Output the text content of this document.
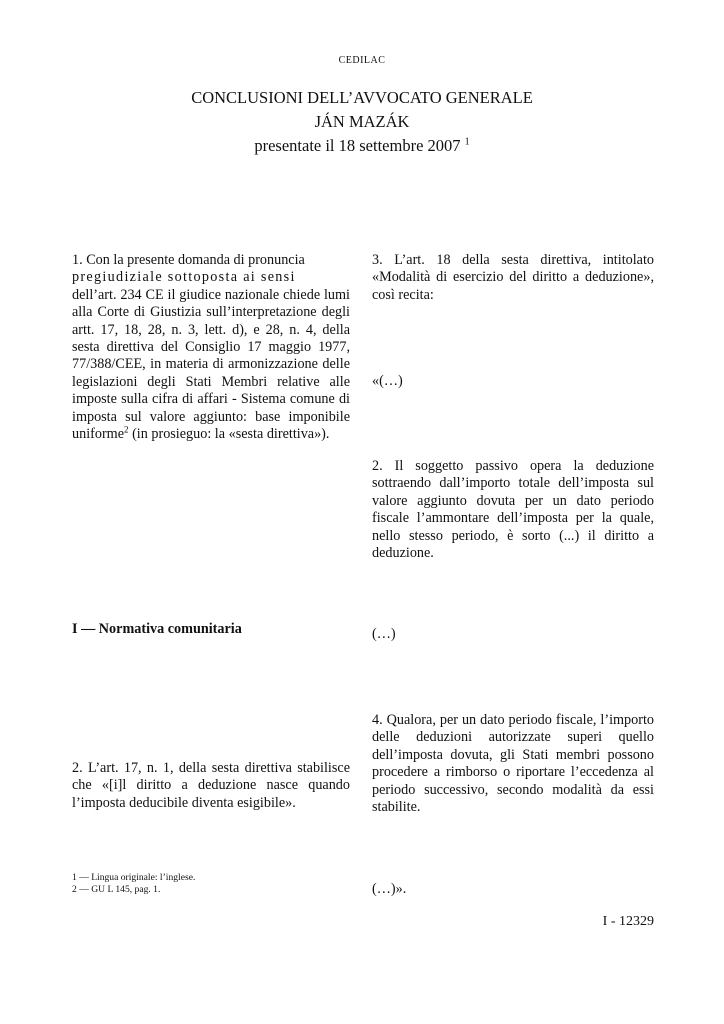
CEDILAC
CONCLUSIONI DELL’AVVOCATO GENERALE
JÁN MAZÁK
presentate il 18 settembre 2007 $^1$
1. Con la presente domanda di pronuncia
pregiudiziale sottoposta ai sensi
dell’art. 234 CE il giudice nazionale chiede lumi alla Corte di Giustizia sull’interpretazione degli artt. 17, 18, 28, n. 3, lett. d), e 28, n. 4, della sesta direttiva del Consiglio 17 maggio 1977, 77/388/CEE, in materia di armonizzazione delle legislazioni degli Stati Membri relative alle imposte sulla cifra di affari - Sistema comune di imposta sul valore aggiunto: base imponibile uniforme$^2$ (in prosieguo: la «sesta direttiva»).

I — Normativa comunitaria

2. L’art. 17, n. 1, della sesta direttiva stabilisce che «[i]l diritto a deduzione nasce quando l’imposta deducibile diventa esigibile».

3. L’art. 18 della sesta direttiva, intitolato «Modalità di esercizio del diritto a deduzione», così recita:

«(…)

2. Il soggetto passivo opera la deduzione sottraendo dall’importo totale dell’imposta sul valore aggiunto dovuta per un dato periodo fiscale l’ammontare dell’imposta per la quale, nello stesso periodo, è sorto (...) il diritto a deduzione.

(…)

4. Qualora, per un dato periodo fiscale, l’importo delle deduzioni autorizzate superi quello dell’imposta dovuta, gli Stati membri possono procedere a rimborso o riportare l’eccedenza al periodo successivo, secondo modalità da essi stabilite.

(…)».

1 — Lingua originale: l’inglese.
2 — GU L 145, pag. 1.
I - 12329
